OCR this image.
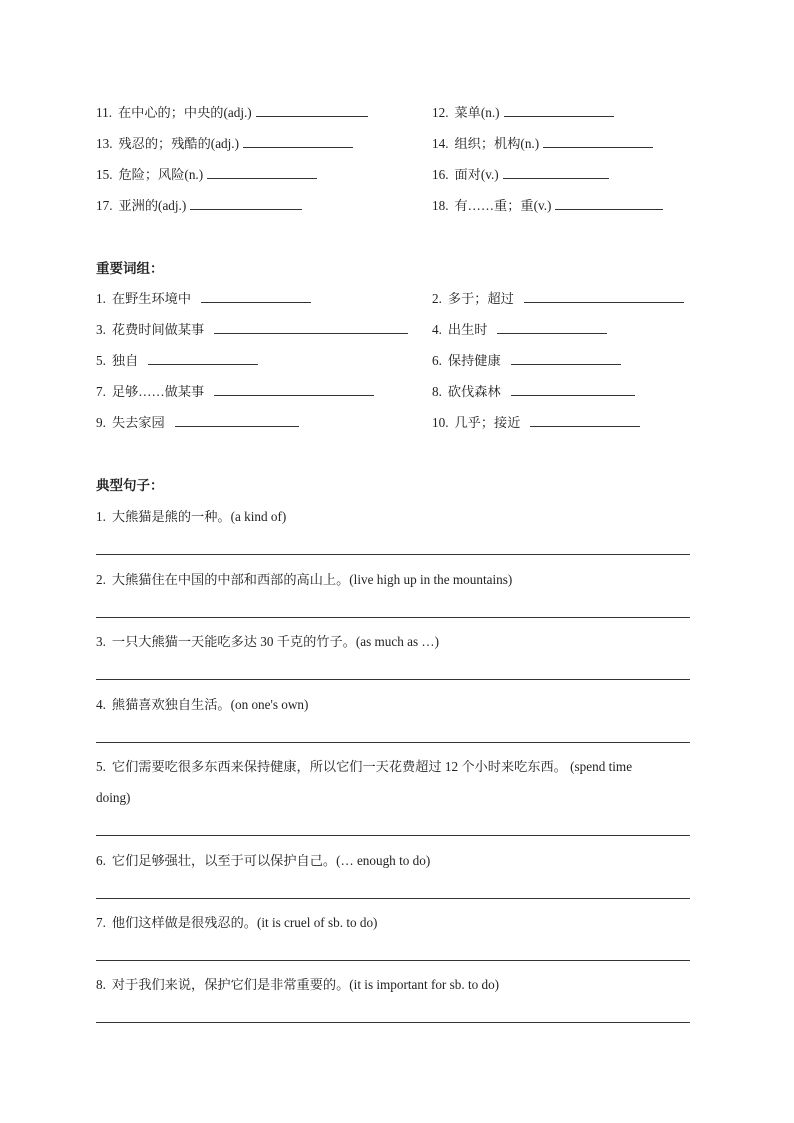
11. 在中心的；中央的(adj.)	12. 菜单(n.)
13. 残忍的；残酷的(adj.)	14. 组织；机构(n.)
15. 危险；风险(n.)	16. 面对(v.)
17. 亚洲的(adj.)	18. 有……重；重(v.)
重要词组：
1. 在野生环境中	2. 多于；超过
3. 花费时间做某事	4. 出生时
5. 独自	6. 保持健康
7. 足够……做某事	8. 砍伐森林
9. 失去家园	10. 几乎；接近
典型句子：
1. 大熊猫是熊的一种。(a kind of)
2. 大熊猫住在中国的中部和西部的高山上。(live high up in the mountains)
3. 一只大熊猫一天能吃多达 30 千克的竹子。(as much as …)
4. 熊猫喜欢独自生活。(on one's own)
5. 它们需要吃很多东西来保持健康，所以它们一天花费超过 12 个小时来吃东西。 (spend time
doing)
6. 它们足够强壮，以至于可以保护自己。(… enough to do)
7. 他们这样做是很残忍的。(it is cruel of sb. to do)
8. 对于我们来说，保护它们是非常重要的。(it is important for sb. to do)
